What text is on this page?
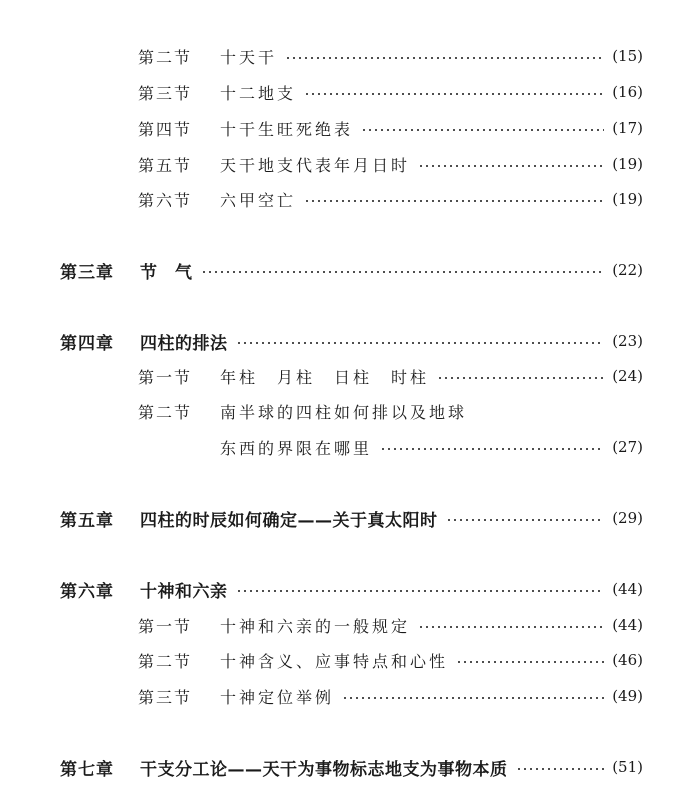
第二节	十天干	(15)
第三节	十二地支	(16)
第四节	十干生旺死绝表	(17)
第五节	天干地支代表年月日时	(19)
第六节	六甲空亡	(19)
第三章	节　气	(22)
第四章	四柱的排法	(23)
第一节	年柱　月柱　日柱　时柱	(24)
第二节	南半球的四柱如何排以及地球
东西的界限在哪里	(27)
第五章	四柱的时辰如何确定——关于真太阳时	(29)
第六章	十神和六亲	(44)
第一节	十神和六亲的一般规定	(44)
第二节	十神含义、应事特点和心性	(46)
第三节	十神定位举例	(49)
第七章	干支分工论——天干为事物标志地支为事物本质	(51)
